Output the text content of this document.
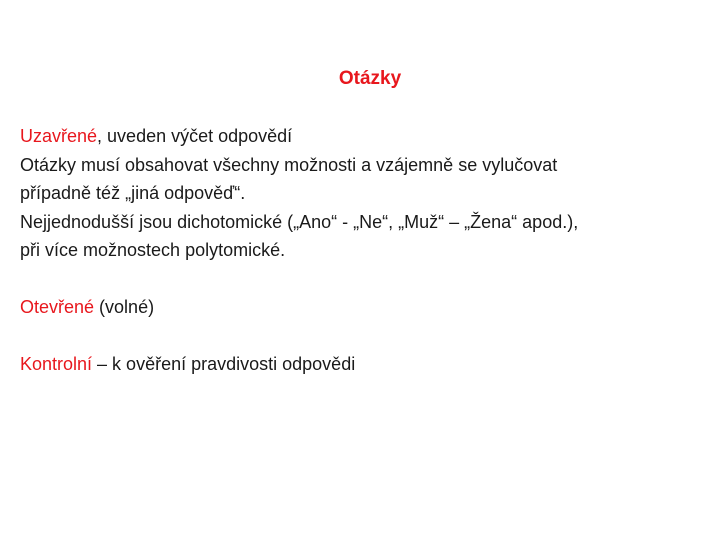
Otázky
Uzavřené, uveden výčet odpovědí
Otázky musí obsahovat všechny možnosti a vzájemně se vylučovat
případně též „jiná odpověď“.
Nejjednodušší jsou dichotomické („Ano“ - „Ne“, „Muž“ – „Žena“ apod.),
při více možnostech polytomické.
Otevřené (volné)
Kontrolní – k ověření pravdivosti odpovědi
